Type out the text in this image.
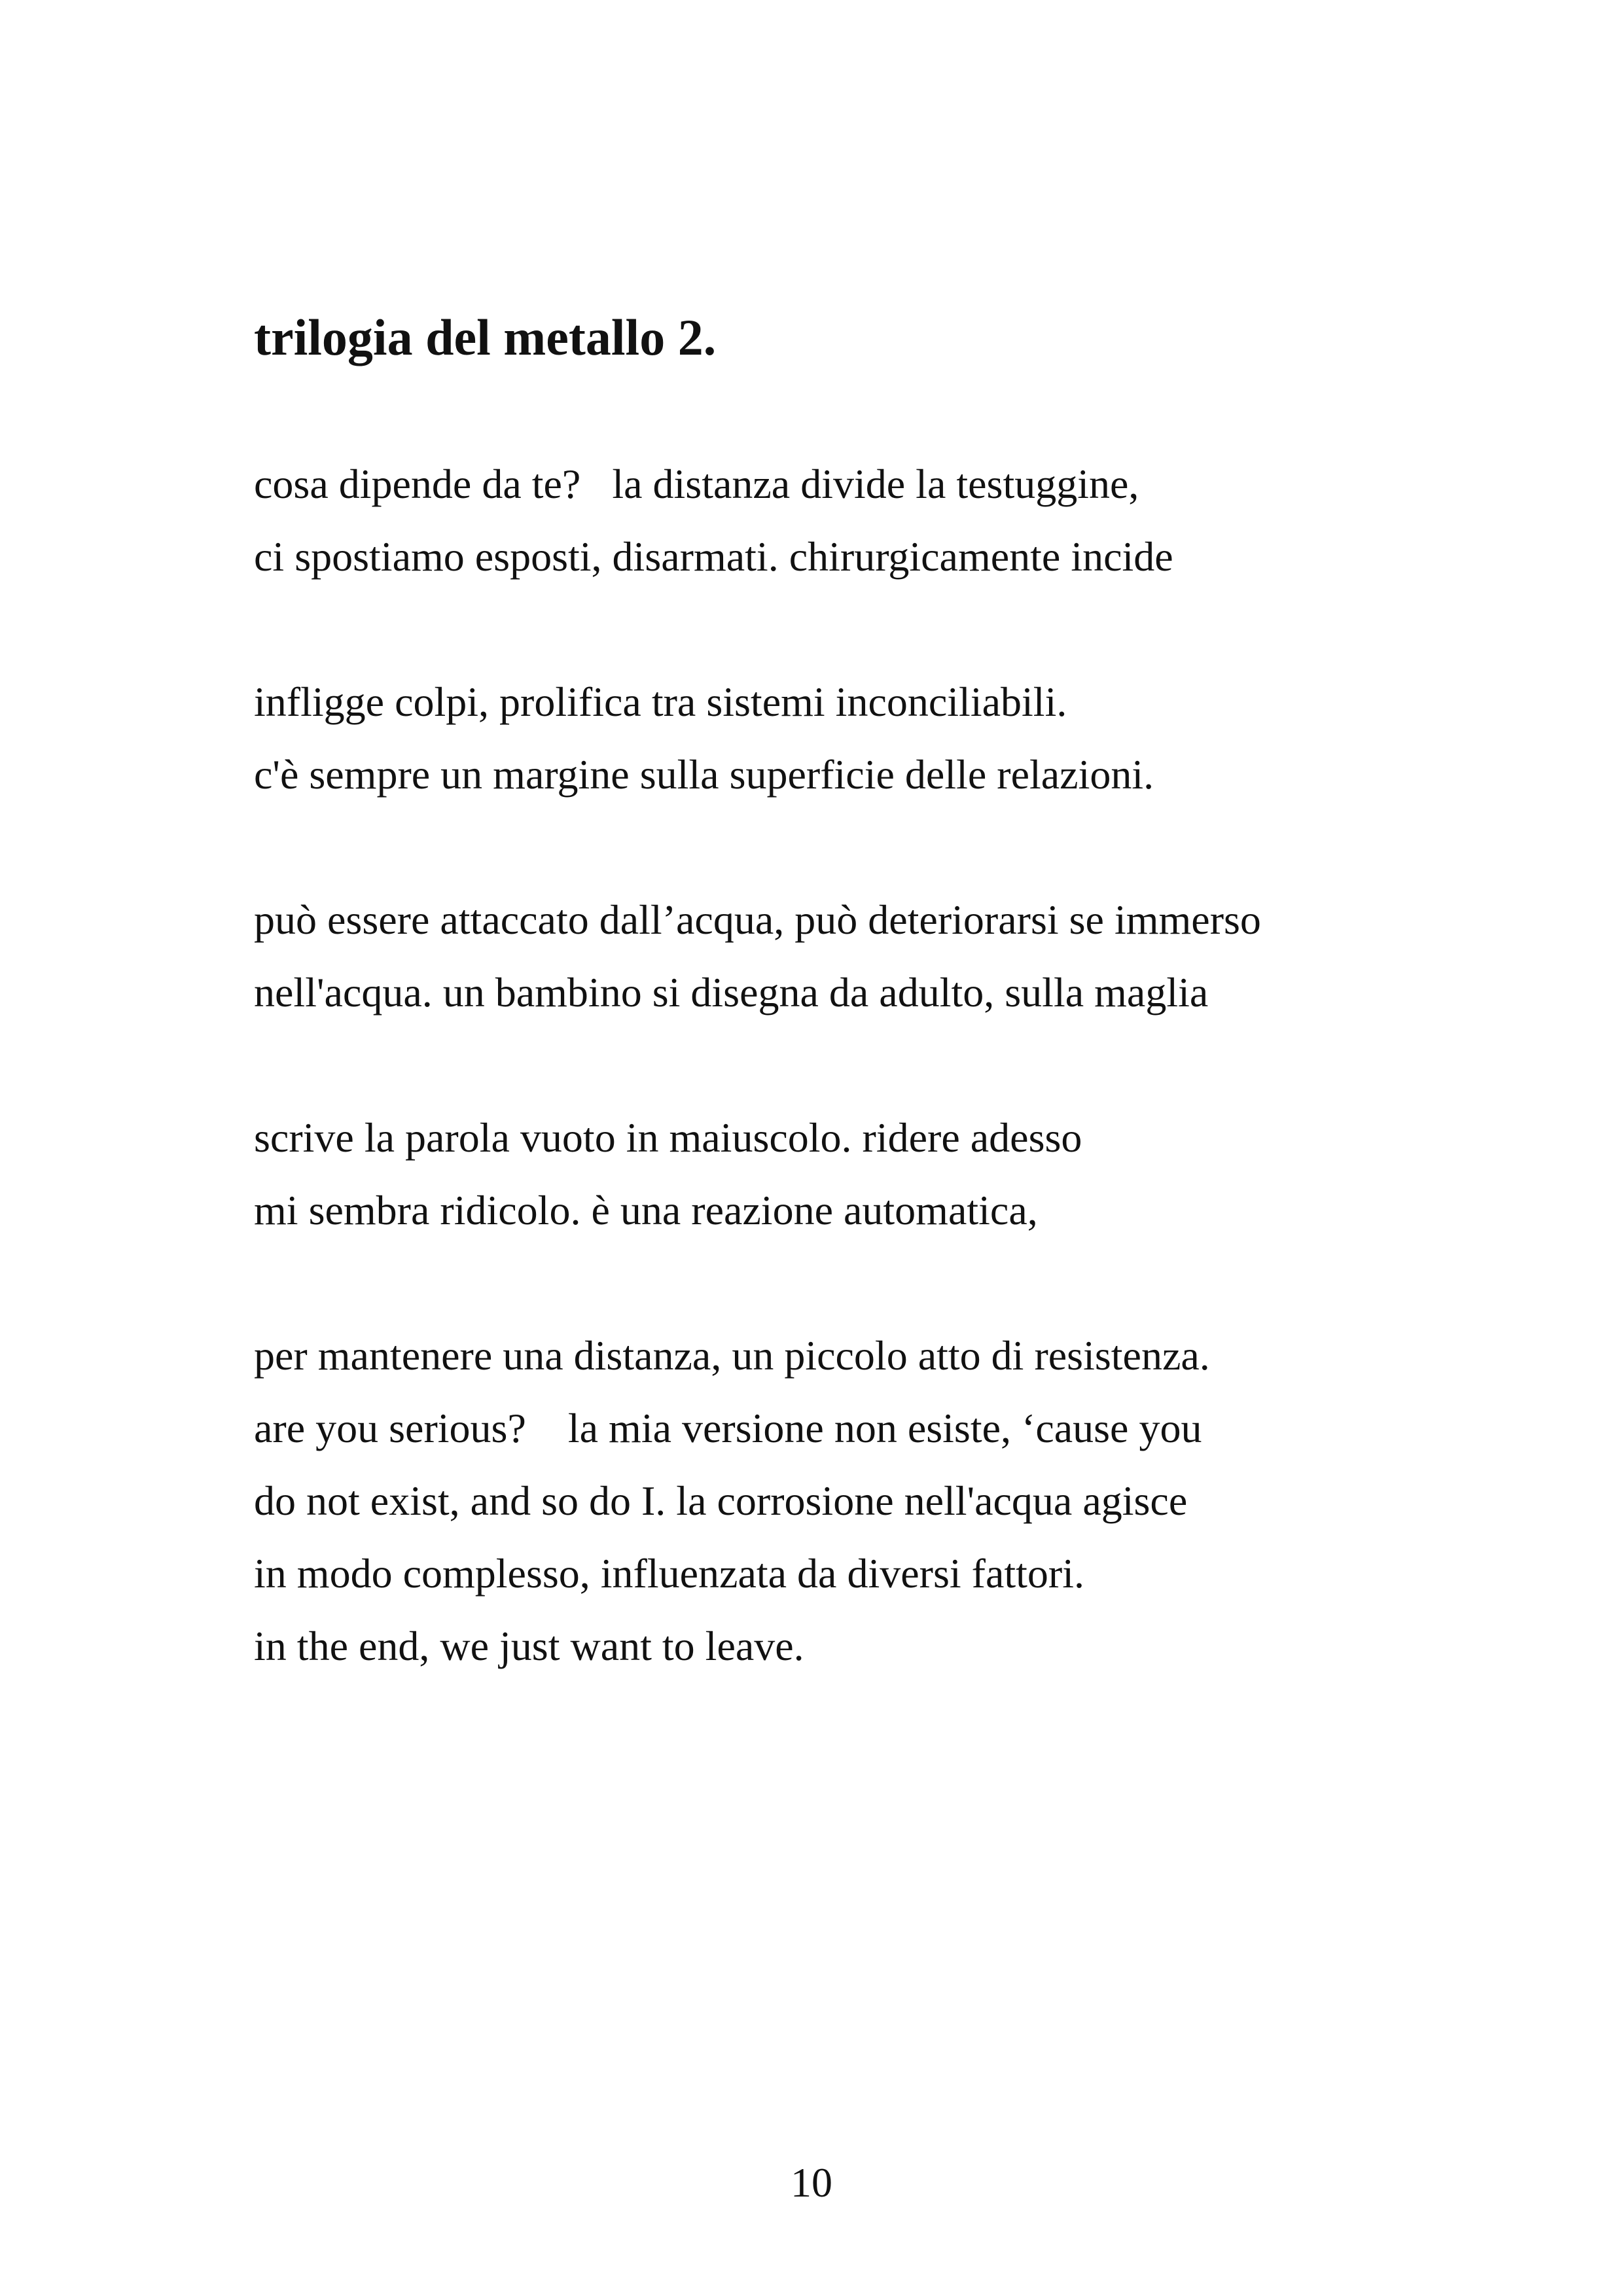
trilogia del metallo 2.

cosa dipende da te?   la distanza divide la testuggine,

ci spostiamo esposti, disarmati. chirurgicamente incide

infligge colpi, prolifica tra sistemi inconciliabili.

c'è sempre un margine sulla superficie delle relazioni.

può essere attaccato dall’acqua, può deteriorarsi se immerso

nell'acqua. un bambino si disegna da adulto, sulla maglia

scrive la parola vuoto in maiuscolo. ridere adesso

mi sembra ridicolo. è una reazione automatica,

per mantenere una distanza, un piccolo atto di resistenza.

are you serious?    la mia versione non esiste, ‘cause you

do not exist, and so do I. la corrosione nell'acqua agisce

in modo complesso, influenzata da diversi fattori.

in the end, we just want to leave.

10
